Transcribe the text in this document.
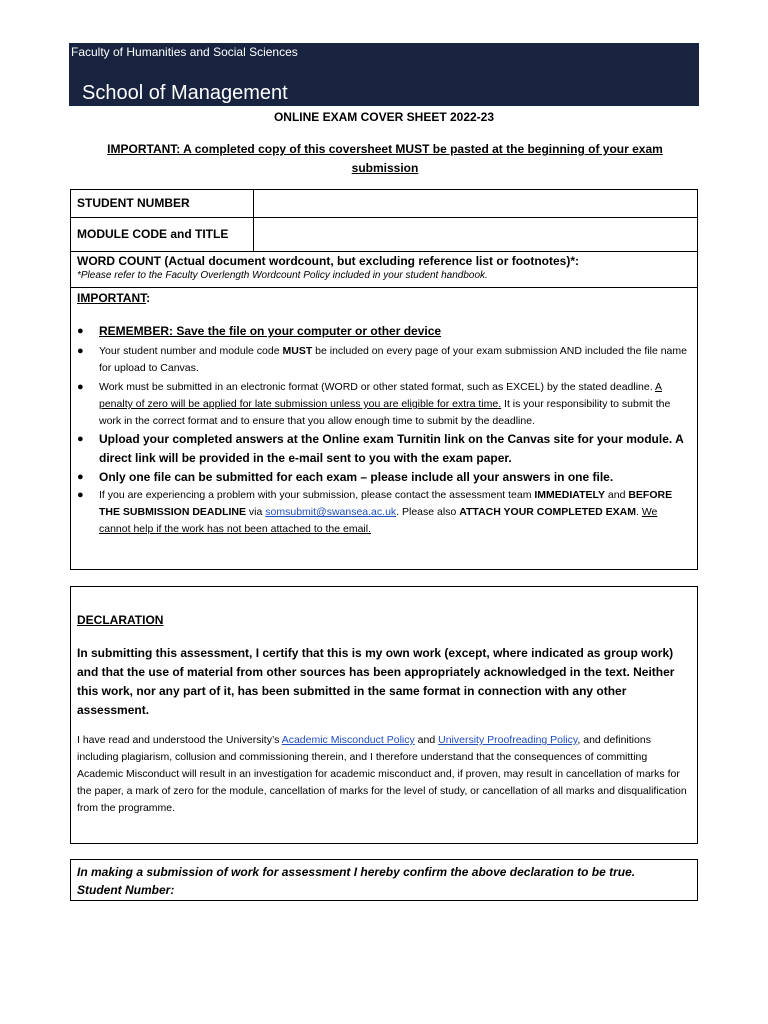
Faculty of Humanities and Social Sciences
School of Management
ONLINE EXAM COVER SHEET 2022-23
IMPORTANT: A completed copy of this coversheet MUST be pasted at the beginning of your exam submission
STUDENT NUMBER
MODULE CODE and TITLE
WORD COUNT (Actual document wordcount, but excluding reference list or footnotes)*:
*Please refer to the Faculty Overlength Wordcount Policy included in your student handbook.
IMPORTANT:
● REMEMBER: Save the file on your computer or other device
● Your student number and module code MUST be included on every page of your exam submission AND included the file name for upload to Canvas.
● Work must be submitted in an electronic format (WORD or other stated format, such as EXCEL) by the stated deadline. A penalty of zero will be applied for late submission unless you are eligible for extra time. It is your responsibility to submit the work in the correct format and to ensure that you allow enough time to submit by the deadline.
● Upload your completed answers at the Online exam Turnitin link on the Canvas site for your module. A direct link will be provided in the e-mail sent to you with the exam paper.
● Only one file can be submitted for each exam – please include all your answers in one file.
● If you are experiencing a problem with your submission, please contact the assessment team IMMEDIATELY and BEFORE THE SUBMISSION DEADLINE via somsubmit@swansea.ac.uk. Please also ATTACH YOUR COMPLETED EXAM. We cannot help if the work has not been attached to the email.
DECLARATION
In submitting this assessment, I certify that this is my own work (except, where indicated as group work) and that the use of material from other sources has been appropriately acknowledged in the text. Neither this work, nor any part of it, has been submitted in the same format in connection with any other assessment.
I have read and understood the University’s Academic Misconduct Policy and University Proofreading Policy, and definitions including plagiarism, collusion and commissioning therein, and I therefore understand that the consequences of committing Academic Misconduct will result in an investigation for academic misconduct and, if proven, may result in cancellation of marks for the paper, a mark of zero for the module, cancellation of marks for the level of study, or cancellation of all marks and disqualification from the programme.
In making a submission of work for assessment I hereby confirm the above declaration to be true.
Student Number:
